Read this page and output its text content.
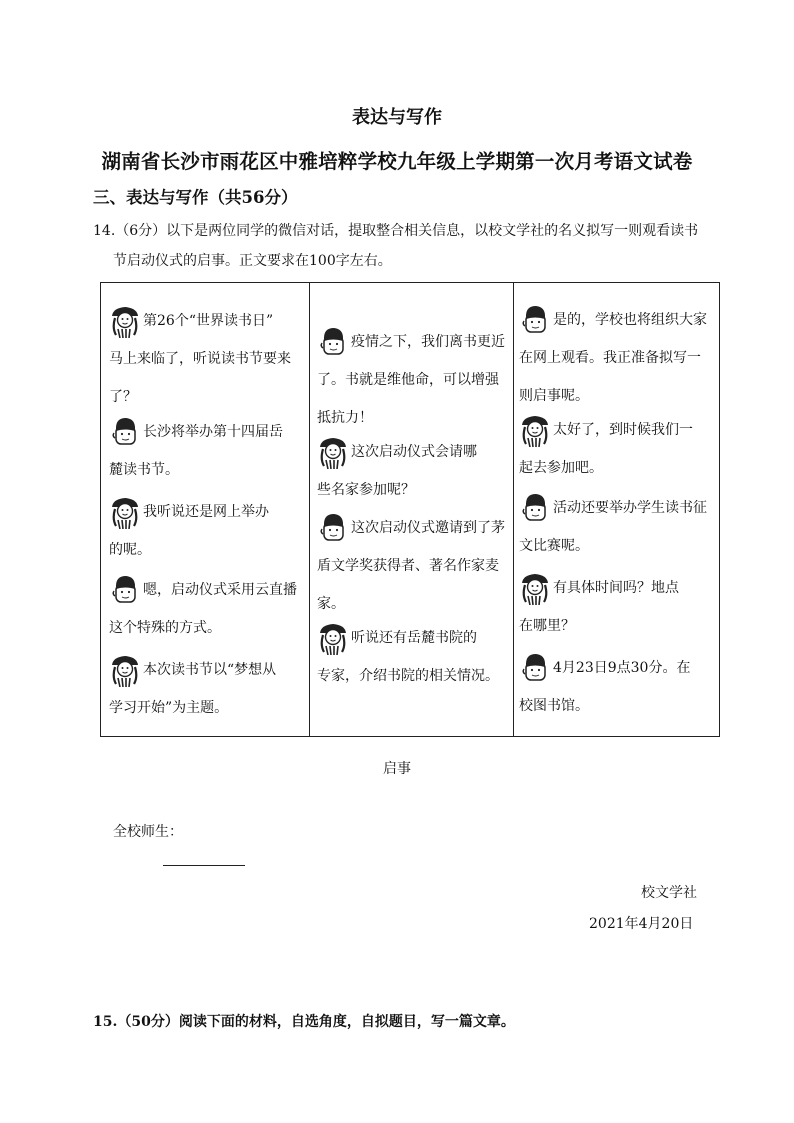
表达与写作
湖南省长沙市雨花区中雅培粹学校九年级上学期第一次月考语文试卷
三、表达与写作（共56分）
14.（6分）以下是两位同学的微信对话，提取整合相关信息，以校文学社的名义拟写一则观看读书
节启动仪式的启事。正文要求在100字左右。
第26个“世界读书日”
马上来临了，听说读书节要来
了？
长沙将举办第十四届岳
麓读书节。
我听说还是网上举办
的呢。
嗯，启动仪式采用云直播
这个特殊的方式。
本次读书节以“梦想从
学习开始”为主题。
疫情之下，我们离书更近
了。书就是维他命，可以增强
抵抗力！
这次启动仪式会请哪
些名家参加呢？
这次启动仪式邀请到了茅
盾文学奖获得者、著名作家麦
家。
听说还有岳麓书院的
专家，介绍书院的相关情况。
是的，学校也将组织大家
在网上观看。我正准备拟写一
则启事呢。
太好了，到时候我们一
起去参加吧。
活动还要举办学生读书征
文比赛呢。
有具体时间吗？地点
在哪里？
4月23日9点30分。在
校图书馆。
启事
全校师生：
校文学社
2021年4月20日
15.（50分）阅读下面的材料，自选角度，自拟题目，写一篇文章。
